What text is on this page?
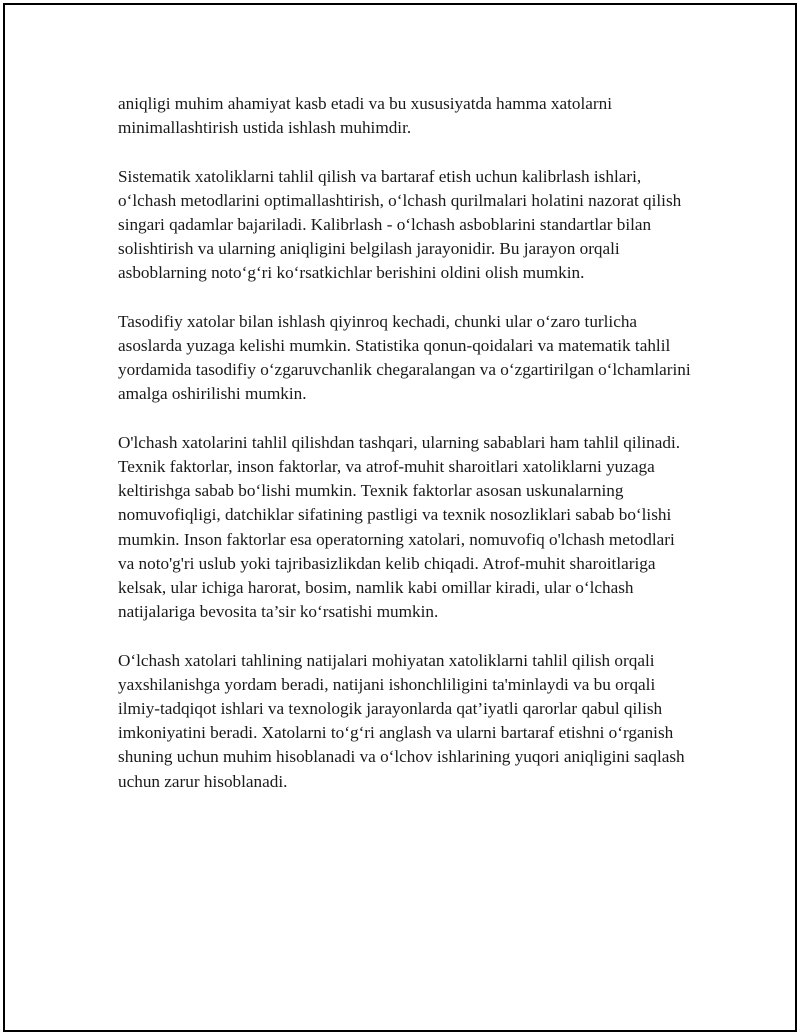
aniqligi muhim ahamiyat kasb etadi va bu xususiyatda hamma xatolarni minimallashtirish ustida ishlash muhimdir.

Sistematik xatoliklarni tahlil qilish va bartaraf etish uchun kalibrlash ishlari, o‘lchash metodlarini optimallashtirish, o‘lchash qurilmalari holatini nazorat qilish singari qadamlar bajariladi. Kalibrlash - o‘lchash asboblarini standartlar bilan solishtirish va ularning aniqligini belgilash jarayonidir. Bu jarayon orqali asboblarning noto‘g‘ri ko‘rsatkichlar berishini oldini olish mumkin.

Tasodifiy xatolar bilan ishlash qiyinroq kechadi, chunki ular o‘zaro turlicha asoslarda yuzaga kelishi mumkin. Statistika qonun-qoidalari va matematik tahlil yordamida tasodifiy o‘zgaruvchanlik chegaralangan va o‘zgartirilgan o‘lchamlarini amalga oshirilishi mumkin.

O'lchash xatolarini tahlil qilishdan tashqari, ularning sabablari ham tahlil qilinadi. Texnik faktorlar, inson faktorlar, va atrof-muhit sharoitlari xatoliklarni yuzaga keltirishga sabab bo‘lishi mumkin. Texnik faktorlar asosan uskunalarning nomuvofiqligi, datchiklar sifatining pastligi va texnik nosozliklari sabab bo‘lishi mumkin. Inson faktorlar esa operatorning xatolari, nomuvofiq o'lchash metodlari va noto'g'ri uslub yoki tajribasizlikdan kelib chiqadi. Atrof-muhit sharoitlariga kelsak, ular ichiga harorat, bosim, namlik kabi omillar kiradi, ular o‘lchash natijalariga bevosita ta’sir ko‘rsatishi mumkin.

O‘lchash xatolari tahlining natijalari mohiyatan xatoliklarni tahlil qilish orqali yaxshilanishga yordam beradi, natijani ishonchliligini ta'minlaydi va bu orqali ilmiy-tadqiqot ishlari va texnologik jarayonlarda qat’iyatli qarorlar qabul qilish imkoniyatini beradi. Xatolarni to‘g‘ri anglash va ularni bartaraf etishni o‘rganish shuning uchun muhim hisoblanadi va o‘lchov ishlarining yuqori aniqligini saqlash uchun zarur hisoblanadi.
